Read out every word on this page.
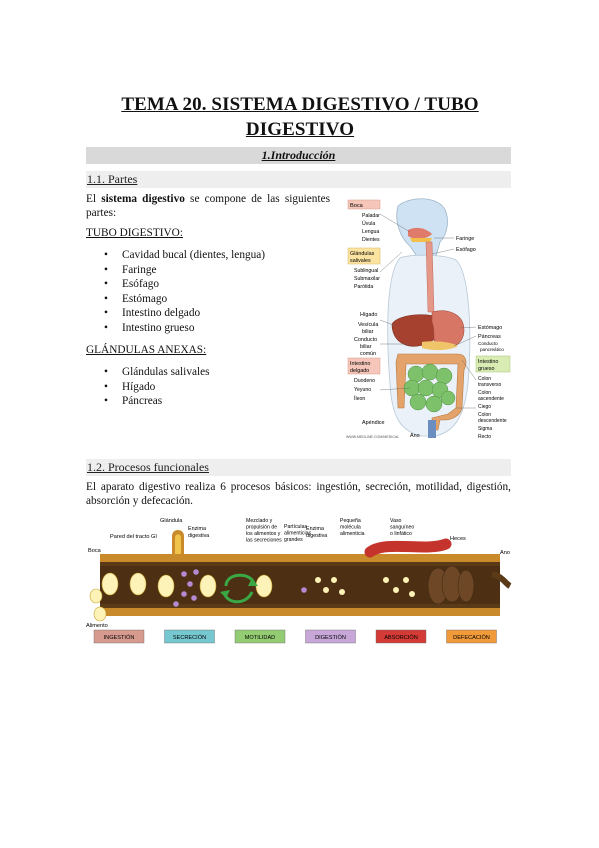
TEMA 20. SISTEMA DIGESTIVO / TUBO
DIGESTIVO
1.Introducción
1.1. Partes
El sistema digestivo se compone de las siguientes partes:
TUBO DIGESTIVO:
• Cavidad bucal (dientes, lengua)
• Faringe
• Esófago
• Estómago
• Intestino delgado
• Intestino grueso
GLÁNDULAS ANEXAS:
• Glándulas salivales
• Hígado
• Páncreas
Boca
Paladar
Úvula
Lengua
Dientes
Glándulas
salivales
Sublingual
Submaxilar
Parótida
Hígado
Vesícula
biliar
Conducto
biliar
común
Intestino
delgado
Duodeno
Yeyuno
Íleon
Apéndice
Ano
WWW.MEDLINE.COM/MEDICAL
Faringe
Esófago
Estómago
Páncreas
Conducto
pancreático
Intestino
grueso
Colon
transverso
Colon
ascendente
Ciego
Colon
descendente
Sigma
Recto
1.2. Procesos funcionales
El aparato digestivo realiza 6 procesos básicos: ingestión, secreción, motilidad, digestión, absorción y defecación.
Boca
Alimento
Pared del tracto GI
Glándula
Enzima
digestiva
Mezclado y
propulsión de
los alimentos y
las secreciones
Partículas
alimenticias
grandes
Enzima
digestiva
Pequeña
molécula
alimenticia
Vaso
sanguíneo
o linfático
Heces
Ano
INGESTIÓN	SECRECIÓN	MOTILIDAD	DIGESTIÓN	ABSORCIÓN	DEFECACIÓN
